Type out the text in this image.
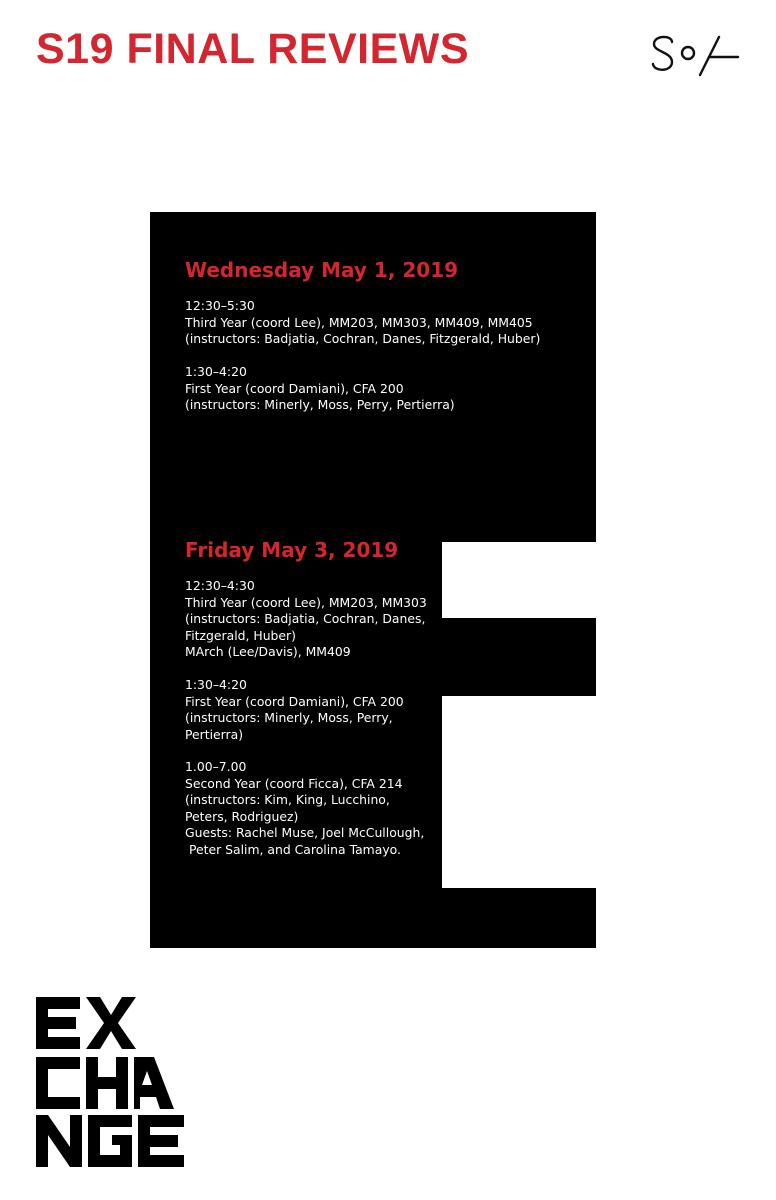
S19 FINAL REVIEWS
Wednesday May 1, 2019
12:30–5:30
Third Year (coord Lee), MM203, MM303, MM409, MM405
(instructors: Badjatia, Cochran, Danes, Fitzgerald, Huber)
1:30–4:20
First Year (coord Damiani), CFA 200
(instructors: Minerly, Moss, Perry, Pertierra)
Friday May 3, 2019
12:30–4:30
Third Year (coord Lee), MM203, MM303
(instructors: Badjatia, Cochran, Danes,
Fitzgerald, Huber)
MArch (Lee/Davis), MM409
1:30–4:20
First Year (coord Damiani), CFA 200
(instructors: Minerly, Moss, Perry,
Pertierra)
1.00–7.00
Second Year (coord Ficca), CFA 214
(instructors: Kim, King, Lucchino,
Peters, Rodriguez)
Guests: Rachel Muse, Joel McCullough,
Peter Salim, and Carolina Tamayo.
